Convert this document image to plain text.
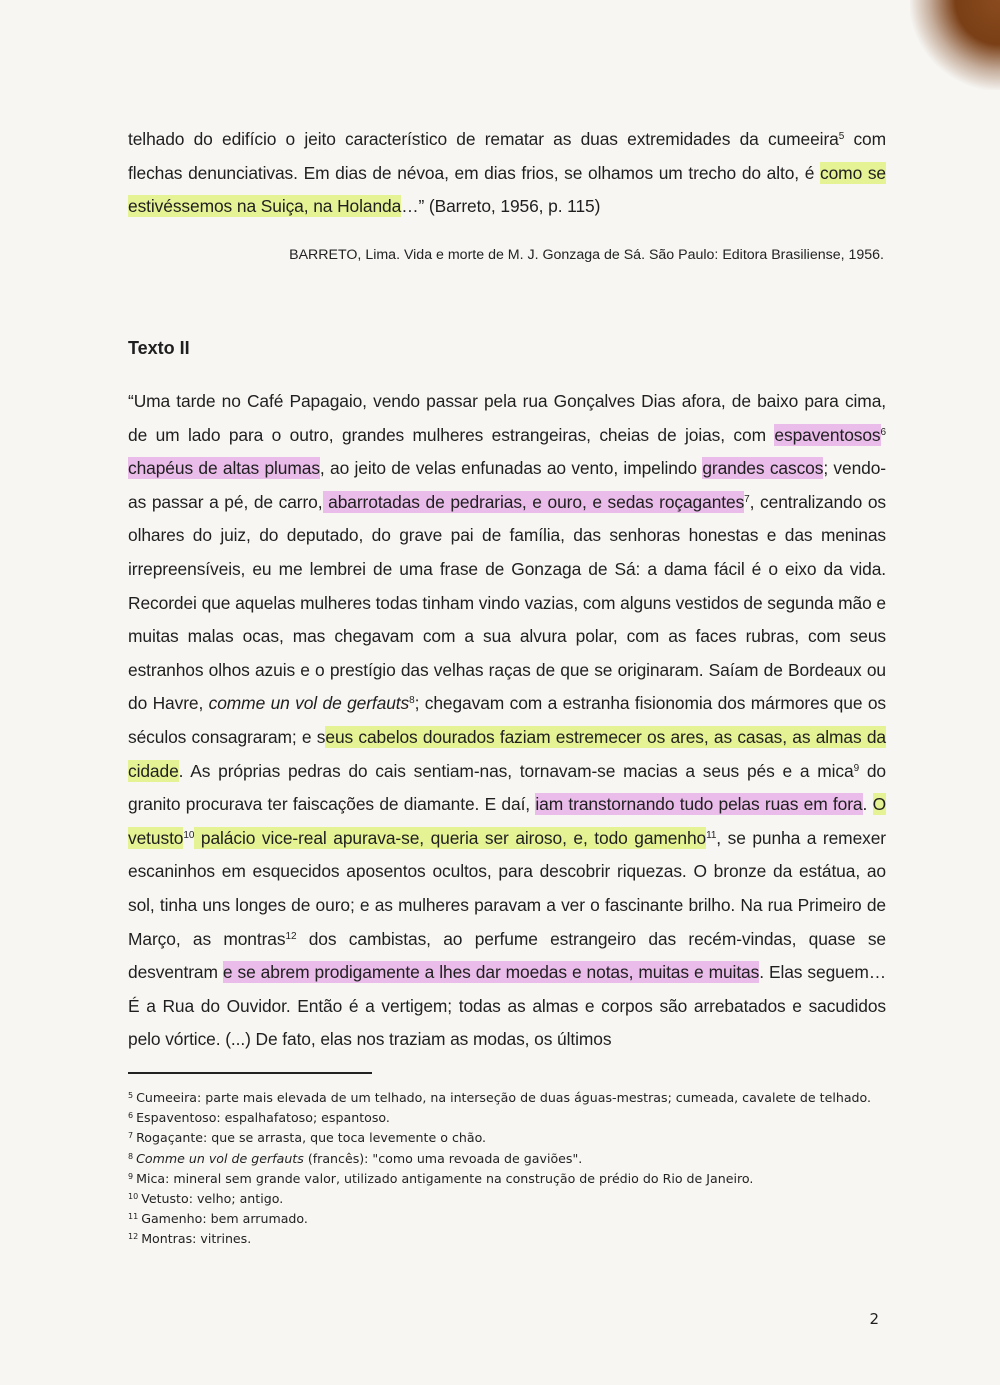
telhado do edifício o jeito característico de rematar as duas extremidades da cumeeira$^5$ com flechas denunciativas. Em dias de névoa, em dias frios, se olhamos um trecho do alto, é como se estivéssemos na Suiça, na Holanda…” (Barreto, 1956, p. 115)

BARRETO, Lima. Vida e morte de M. J. Gonzaga de Sá. São Paulo: Editora Brasiliense, 1956.
Texto II

“Uma tarde no Café Papagaio, vendo passar pela rua Gonçalves Dias afora, de baixo para cima, de um lado para o outro, grandes mulheres estrangeiras, cheias de joias, com espaventosos$^6$ chapéus de altas plumas, ao jeito de velas enfunadas ao vento, impelindo grandes cascos; vendo-as passar a pé, de carro, abarrotadas de pedrarias, e ouro, e sedas roçagantes$^7$, centralizando os olhares do juiz, do deputado, do grave pai de família, das senhoras honestas e das meninas irrepreensíveis, eu me lembrei de uma frase de Gonzaga de Sá: a dama fácil é o eixo da vida. Recordei que aquelas mulheres todas tinham vindo vazias, com alguns vestidos de segunda mão e muitas malas ocas, mas chegavam com a sua alvura polar, com as faces rubras, com seus estranhos olhos azuis e o prestígio das velhas raças de que se originaram. Saíam de Bordeaux ou do Havre, comme un vol de gerfauts$^8$; chegavam com a estranha fisionomia dos mármores que os séculos consagraram; e seus cabelos dourados faziam estremecer os ares, as casas, as almas da cidade. As próprias pedras do cais sentiam-nas, tornavam-se macias a seus pés e a mica$^9$ do granito procurava ter faiscações de diamante. E daí, iam transtornando tudo pelas ruas em fora. O vetusto$^{10}$ palácio vice-real apurava-se, queria ser airoso, e, todo gamenho$^{11}$, se punha a remexer escaninhos em esquecidos aposentos ocultos, para descobrir riquezas. O bronze da estátua, ao sol, tinha uns longes de ouro; e as mulheres paravam a ver o fascinante brilho. Na rua Primeiro de Março, as montras$^{12}$ dos cambistas, ao perfume estrangeiro das recém-vindas, quase se desventram e se abrem prodigamente a lhes dar moedas e notas, muitas e muitas. Elas seguem…É a Rua do Ouvidor. Então é a vertigem; todas as almas e corpos são arrebatados e sacudidos pelo vórtice. (...) De fato, elas nos traziam as modas, os últimos

$^5$ Cumeeira: parte mais elevada de um telhado, na interseção de duas águas-mestras; cumeada, cavalete de telhado.
$^6$ Espaventoso: espalhafatoso; espantoso.
$^7$ Rogaçante: que se arrasta, que toca levemente o chão.
$^8$ Comme un vol de gerfauts (francês): "como uma revoada de gaviões".
$^9$ Mica: mineral sem grande valor, utilizado antigamente na construção de prédio do Rio de Janeiro.
$^{10}$ Vetusto: velho; antigo.
$^{11}$ Gamenho: bem arrumado.
$^{12}$ Montras: vitrines.
2
